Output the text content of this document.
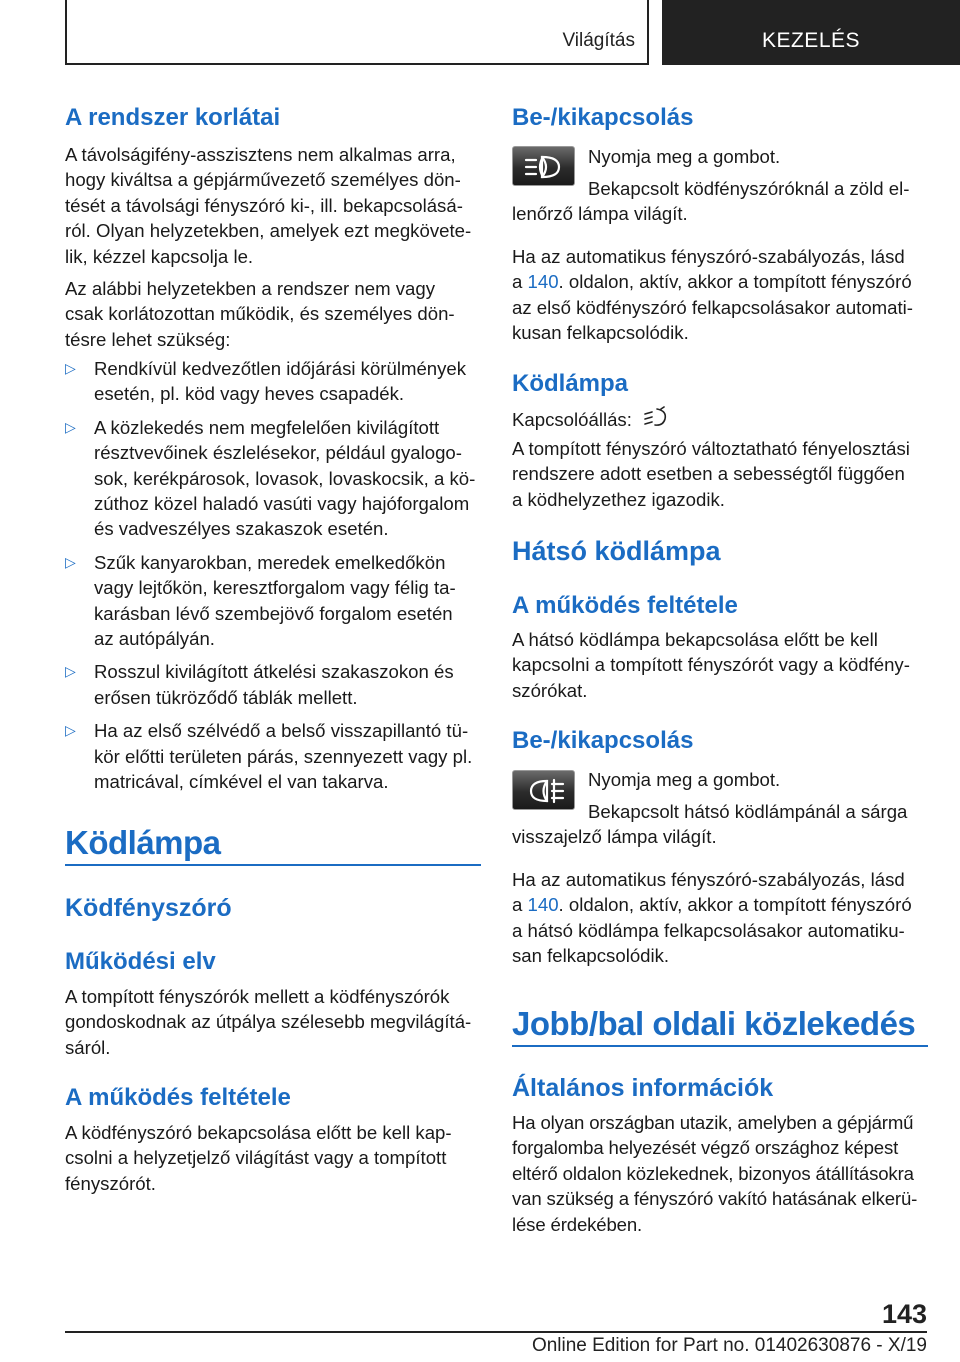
Világítás	KEZELÉS
A rendszer korlátai
A távolságifény-asszisztens nem alkalmas arra,
hogy kiváltsa a gépjárművezető személyes dön-
tését a távolsági fényszóró ki-, ill. bekapcsolásá-
ról. Olyan helyzetekben, amelyek ezt megkövete-
lik, kézzel kapcsolja le.
Az alábbi helyzetekben a rendszer nem vagy
csak korlátozottan működik, és személyes dön-
tésre lehet szükség:
▷ Rendkívül kedvezőtlen időjárási körülmények
esetén, pl. köd vagy heves csapadék.
▷ A közlekedés nem megfelelően kivilágított
résztvevőinek észlelésekor, például gyalogo-
sok, kerékpárosok, lovasok, lovaskocsik, a kö-
zúthoz közel haladó vasúti vagy hajóforgalom
és vadveszélyes szakaszok esetén.
▷ Szűk kanyarokban, meredek emelkedőkön
vagy lejtőkön, keresztforgalom vagy félig ta-
karásban lévő szembejövő forgalom esetén
az autópályán.
▷ Rosszul kivilágított átkelési szakaszokon és
erősen tükröződő táblák mellett.
▷ Ha az első szélvédő a belső visszapillantó tü-
kör előtti területen párás, szennyezett vagy pl.
matricával, címkével el van takarva.
Ködlámpa
Ködfényszóró
Működési elv
A tompított fényszórók mellett a ködfényszórók
gondoskodnak az útpálya szélesebb megvilágítá-
sáról.
A működés feltétele
A ködfényszóró bekapcsolása előtt be kell kap-
csolni a helyzetjelző világítást vagy a tompított
fényszórót.
Be-/kikapcsolás
Nyomja meg a gombot.
Bekapcsolt ködfényszóróknál a zöld el-
lenőrző lámpa világít.
Ha az automatikus fényszóró-szabályozás, lásd
a 140. oldalon, aktív, akkor a tompított fényszóró
az első ködfényszóró felkapcsolásakor automati-
kusan felkapcsolódik.
Ködlámpa
Kapcsolóállás:
A tompított fényszóró változtatható fényelosztási
rendszere adott esetben a sebességtől függően
a ködhelyzethez igazodik.
Hátsó ködlámpa
A működés feltétele
A hátsó ködlámpa bekapcsolása előtt be kell
kapcsolni a tompított fényszórót vagy a ködfény-
szórókat.
Be-/kikapcsolás
Nyomja meg a gombot.
Bekapcsolt hátsó ködlámpánál a sárga
visszajelző lámpa világít.
Ha az automatikus fényszóró-szabályozás, lásd
a 140. oldalon, aktív, akkor a tompított fényszóró
a hátsó ködlámpa felkapcsolásakor automatiku-
san felkapcsolódik.
Jobb/bal oldali közlekedés
Általános információk
Ha olyan országban utazik, amelyben a gépjármű
forgalomba helyezését végző országhoz képest
eltérő oldalon közlekednek, bizonyos átállításokra
van szükség a fényszóró vakító hatásának elkerü-
lése érdekében.
143
Online Edition for Part no. 01402630876 - X/19
